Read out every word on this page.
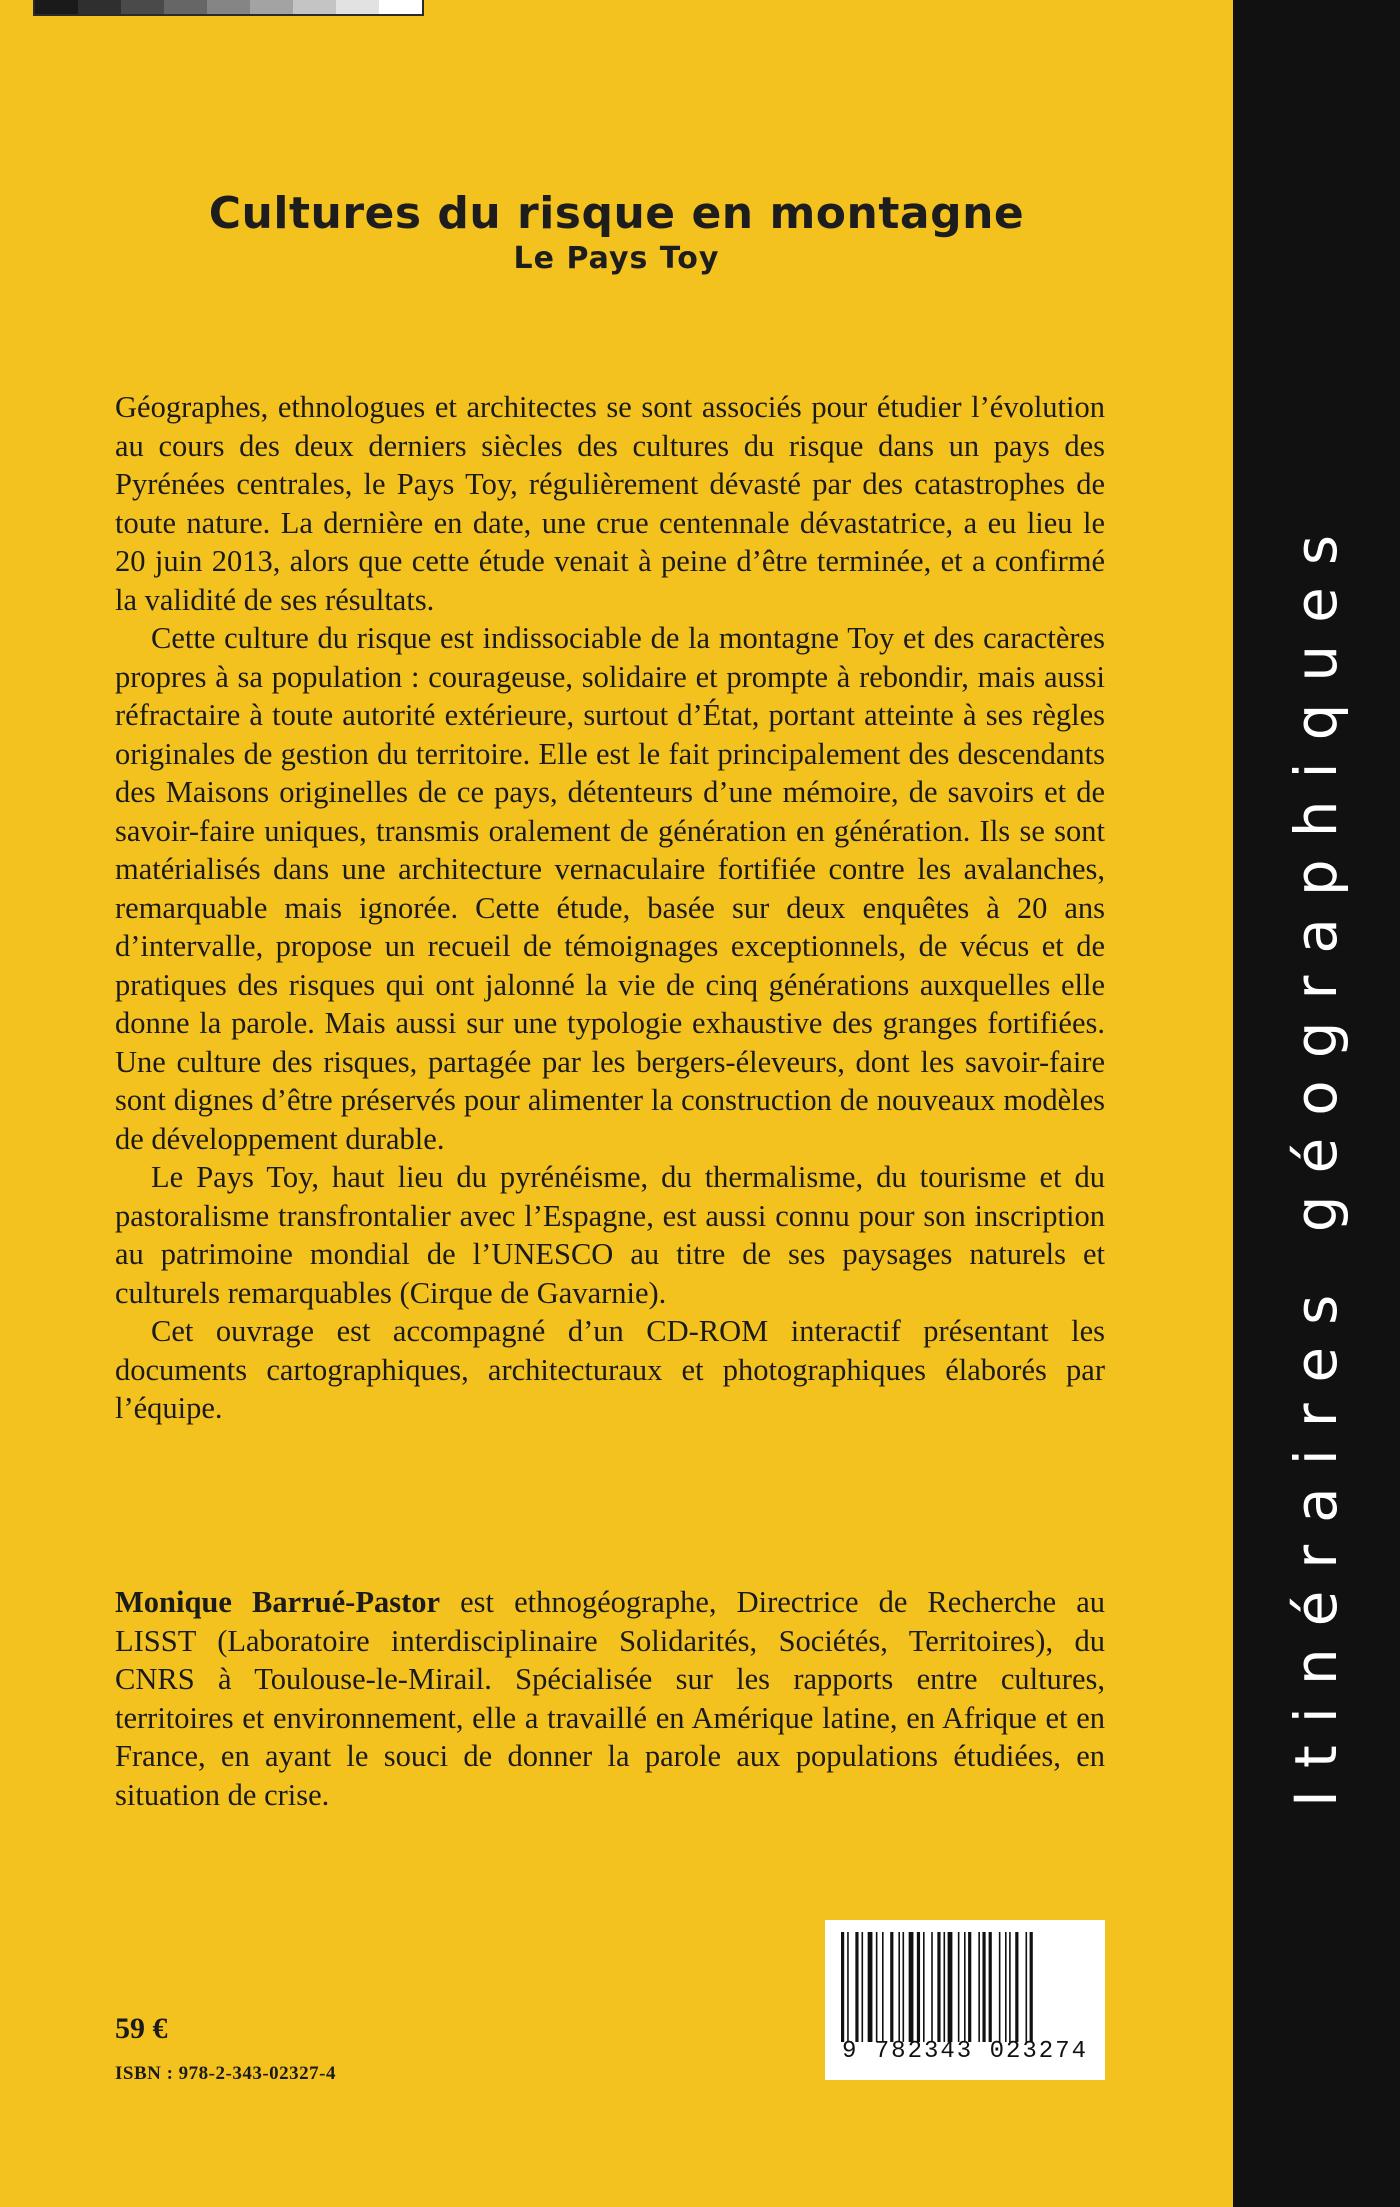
Cultures du risque en montagne
Le Pays Toy

Géographes, ethnologues et architectes se sont associés pour étudier l’évolution au cours des deux derniers siècles des cultures du risque dans un pays des Pyrénées centrales, le Pays Toy, régulièrement dévasté par des catastrophes de toute nature. La dernière en date, une crue centennale dévastatrice, a eu lieu le 20 juin 2013, alors que cette étude venait à peine d’être terminée, et a confirmé la validité de ses résultats.

Cette culture du risque est indissociable de la montagne Toy et des caractères propres à sa population : courageuse, solidaire et prompte à rebondir, mais aussi réfractaire à toute autorité extérieure, surtout d’État, portant atteinte à ses règles originales de gestion du territoire. Elle est le fait principalement des descendants des Maisons originelles de ce pays, détenteurs d’une mémoire, de savoirs et de savoir-faire uniques, transmis oralement de génération en génération. Ils se sont matérialisés dans une architecture vernaculaire fortifiée contre les avalanches, remarquable mais ignorée. Cette étude, basée sur deux enquêtes à 20 ans d’intervalle, propose un recueil de témoignages exceptionnels, de vécus et de pratiques des risques qui ont jalonné la vie de cinq générations auxquelles elle donne la parole. Mais aussi sur une typologie exhaustive des granges fortifiées. Une culture des risques, partagée par les bergers-éleveurs, dont les savoir-faire sont dignes d’être préservés pour alimenter la construction de nouveaux modèles de développement durable.

Le Pays Toy, haut lieu du pyrénéisme, du thermalisme, du tourisme et du pastoralisme transfrontalier avec l’Espagne, est aussi connu pour son inscription au patrimoine mondial de l’UNESCO au titre de ses paysages naturels et culturels remarquables (Cirque de Gavarnie).

Cet ouvrage est accompagné d’un CD-ROM interactif présentant les documents cartographiques, architecturaux et photographiques élaborés par l’équipe.

Monique Barrué-Pastor est ethnogéographe, Directrice de Recherche au LISST (Laboratoire interdisciplinaire Solidarités, Sociétés, Territoires), du CNRS à Toulouse-le-Mirail. Spécialisée sur les rapports entre cultures, territoires et environnement, elle a travaillé en Amérique latine, en Afrique et en France, en ayant le souci de donner la parole aux populations étudiées, en situation de crise.

59 €
ISBN : 978-2-343-02327-4
9 782343 023274
Itinéraires géographiques
